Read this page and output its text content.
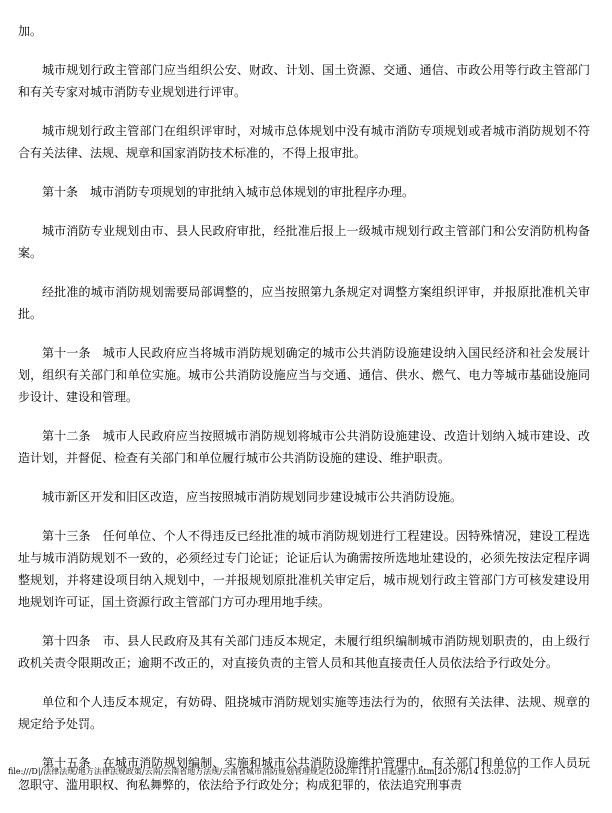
加。

城市规划行政主管部门应当组织公安、财政、计划、国土资源、交通、通信、市政公用等行政主管部门和有关专家对城市消防专业规划进行评审。

城市规划行政主管部门在组织评审时，对城市总体规划中没有城市消防专项规划或者城市消防规划不符合有关法律、法规、规章和国家消防技术标准的，不得上报审批。

第十条 城市消防专项规划的审批纳入城市总体规划的审批程序办理。

城市消防专业规划由市、县人民政府审批，经批准后报上一级城市规划行政主管部门和公安消防机构备案。

经批准的城市消防规划需要局部调整的，应当按照第九条规定对调整方案组织评审，并报原批准机关审批。

第十一条 城市人民政府应当将城市消防规划确定的城市公共消防设施建设纳入国民经济和社会发展计划，组织有关部门和单位实施。城市公共消防设施应当与交通、通信、供水、燃气、电力等城市基础设施同步设计、建设和管理。

第十二条 城市人民政府应当按照城市消防规划将城市公共消防设施建设、改造计划纳入城市建设、改造计划，并督促、检查有关部门和单位履行城市公共消防设施的建设、维护职责。

城市新区开发和旧区改造，应当按照城市消防规划同步建设城市公共消防设施。

第十三条 任何单位、个人不得违反已经批准的城市消防规划进行工程建设。因特殊情况，建设工程选址与城市消防规划不一致的，必须经过专门论证；论证后认为确需按所选地址建设的，必须先按法定程序调整规划，并将建设项目纳入规划中，一并报规划原批准机关审定后，城市规划行政主管部门方可核发建设用地规划许可证，国土资源行政主管部门方可办理用地手续。

第十四条 市、县人民政府及其有关部门违反本规定，未履行组织编制城市消防规划职责的，由上级行政机关责令限期改正；逾期不改正的，对直接负责的主管人员和其他直接责任人员依法给予行政处分。

单位和个人违反本规定，有妨碍、阻挠城市消防规划实施等违法行为的，依照有关法律、法规、规章的规定给予处罚。

第十五条 在城市消防规划编制、实施和城市公共消防设施维护管理中，有关部门和单位的工作人员玩忽职守、滥用职权、徇私舞弊的，依法给予行政处分；构成犯罪的，依法追究刑事责

file:///D|/法律法规/地方法律法规政策/云南/云南省地方法规/云南省城市消防规划管理规定(2002年11月1日起施行).htm[2017/6/14 13:02:07]
